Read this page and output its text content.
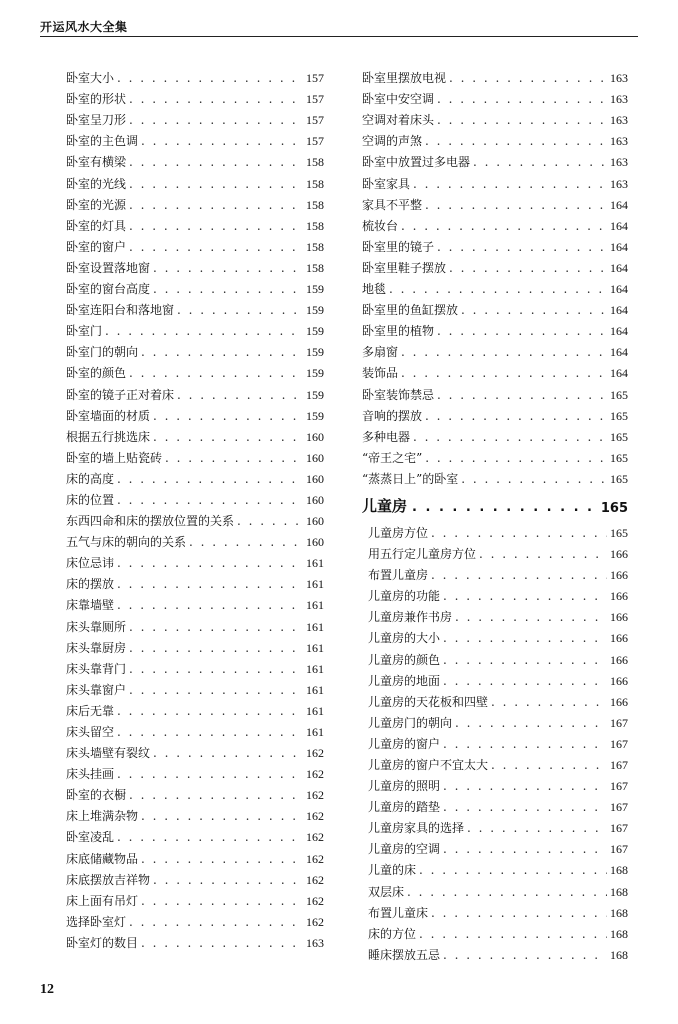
开运风水大全集
卧室大小 . . .	157
卧室的形状 . . .	157
卧室呈刀形 . . .	157
卧室的主色调 . . .	157
卧室有横梁 . . .	158
卧室的光线 . . .	158
卧室的光源 . . .	158
卧室的灯具 . . .	158
卧室的窗户 . . .	158
卧室设置落地窗 . . .	158
卧室的窗台高度 . . .	159
卧室连阳台和落地窗 . . .	159
卧室门 . . .	159
卧室门的朝向 . . .	159
卧室的颜色 . . .	159
卧室的镜子正对着床 . . .	159
卧室墙面的材质 . . .	159
根据五行挑选床 . . .	160
卧室的墙上贴瓷砖 . . .	160
床的高度 . . .	160
床的位置 . . .	160
东西四命和床的摆放位置的关系 . . .	160
五气与床的朝向的关系 . . .	160
床位忌讳 . . .	161
床的摆放 . . .	161
床靠墙壁 . . .	161
床头靠厕所 . . .	161
床头靠厨房 . . .	161
床头靠背门 . . .	161
床头靠窗户 . . .	161
床后无靠 . . .	161
床头留空 . . .	161
床头墙壁有裂纹 . . .	162
床头挂画 . . .	162
卧室的衣橱 . . .	162
床上堆满杂物 . . .	162
卧室凌乱 . . .	162
床底储藏物品 . . .	162
床底摆放吉祥物 . . .	162
床上面有吊灯 . . .	162
选择卧室灯 . . .	162
卧室灯的数目 . . .	163
卧室里摆放电视 . . .	163
卧室中安空调 . . .	163
空调对着床头 . . .	163
空调的声煞 . . .	163
卧室中放置过多电器 . . .	163
卧室家具 . . .	163
家具不平整 . . .	164
梳妆台 . . .	164
卧室里的镜子 . . .	164
卧室里鞋子摆放 . . .	164
地毯 . . .	164
卧室里的鱼缸摆放 . . .	164
卧室里的植物 . . .	164
多扇窗 . . .	164
装饰品 . . .	164
卧室装饰禁忌 . . .	165
音响的摆放 . . .	165
多种电器 . . .	165
“帝王之宅” . . .	165
“蒸蒸日上”的卧室 . . .	165
儿童房 . . .	165
儿童房方位 . . .	165
用五行定儿童房方位 . . .	166
布置儿童房 . . .	166
儿童房的功能 . . .	166
儿童房兼作书房 . . .	166
儿童房的大小 . . .	166
儿童房的颜色 . . .	166
儿童房的地面 . . .	166
儿童房的天花板和四壁 . . .	166
儿童房门的朝向 . . .	167
儿童房的窗户 . . .	167
儿童房的窗户不宜太大 . . .	167
儿童房的照明 . . .	167
儿童房的踏垫 . . .	167
儿童房家具的选择 . . .	167
儿童房的空调 . . .	167
儿童的床 . . .	168
双层床 . . .	168
布置儿童床 . . .	168
床的方位 . . .	168
睡床摆放五忌 . . .	168
12
